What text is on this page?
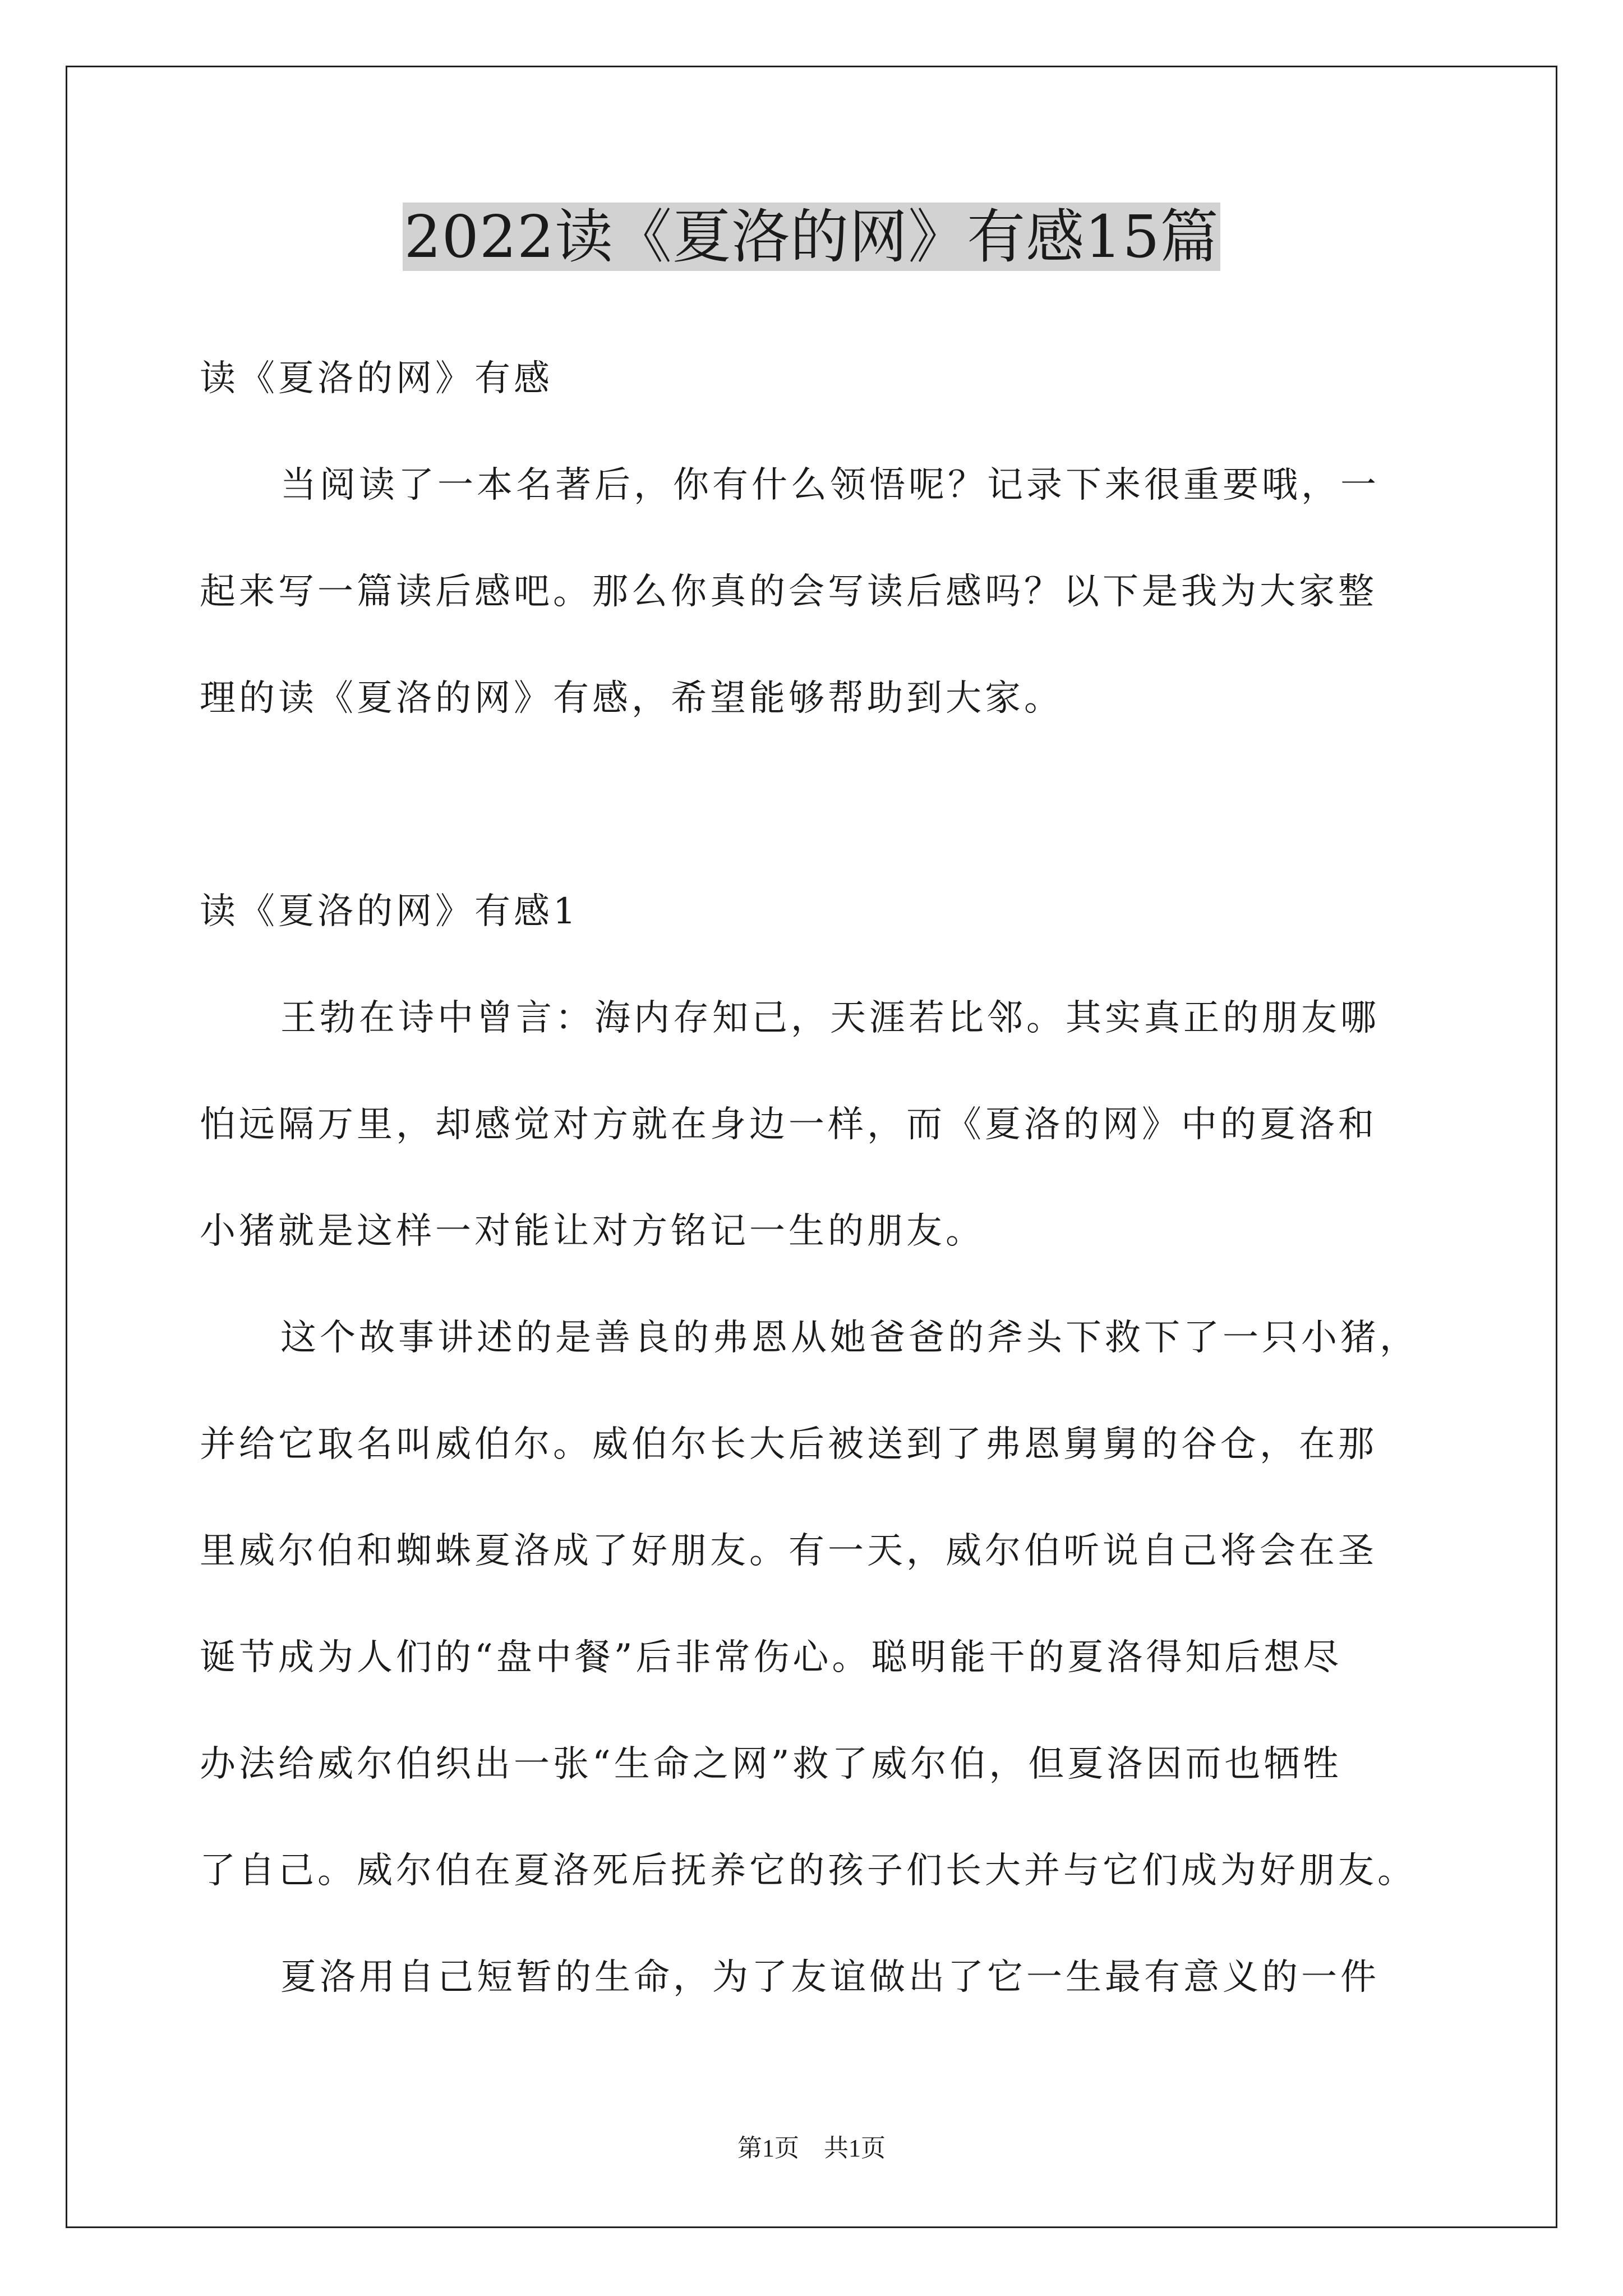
2022读《夏洛的网》有感15篇
读《夏洛的网》有感
当阅读了一本名著后，你有什么领悟呢？记录下来很重要哦，一
起来写一篇读后感吧。那么你真的会写读后感吗？以下是我为大家整
理的读《夏洛的网》有感，希望能够帮助到大家。
读《夏洛的网》有感1
王勃在诗中曾言：海内存知己，天涯若比邻。其实真正的朋友哪
怕远隔万里，却感觉对方就在身边一样，而《夏洛的网》中的夏洛和
小猪就是这样一对能让对方铭记一生的朋友。
这个故事讲述的是善良的弗恩从她爸爸的斧头下救下了一只小猪，
并给它取名叫威伯尔。威伯尔长大后被送到了弗恩舅舅的谷仓，在那
里威尔伯和蜘蛛夏洛成了好朋友。有一天，威尔伯听说自己将会在圣
诞节成为人们的“盘中餐”后非常伤心。聪明能干的夏洛得知后想尽
办法给威尔伯织出一张“生命之网”救了威尔伯，但夏洛因而也牺牲
了自己。威尔伯在夏洛死后抚养它的孩子们长大并与它们成为好朋友。
夏洛用自己短暂的生命，为了友谊做出了它一生最有意义的一件
第1页　共1页
